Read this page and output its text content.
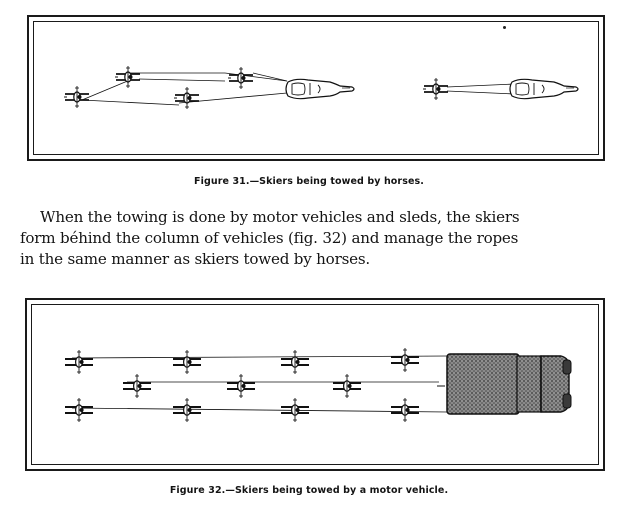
Figure 31.—Skiers being towed by horses.
When the towing is done by motor vehicles and sleds, the skiers
form béhind the column of vehicles (fig. 32) and manage the ropes
in the same manner as skiers towed by horses.
Figure 32.—Skiers being towed by a motor vehicle.
